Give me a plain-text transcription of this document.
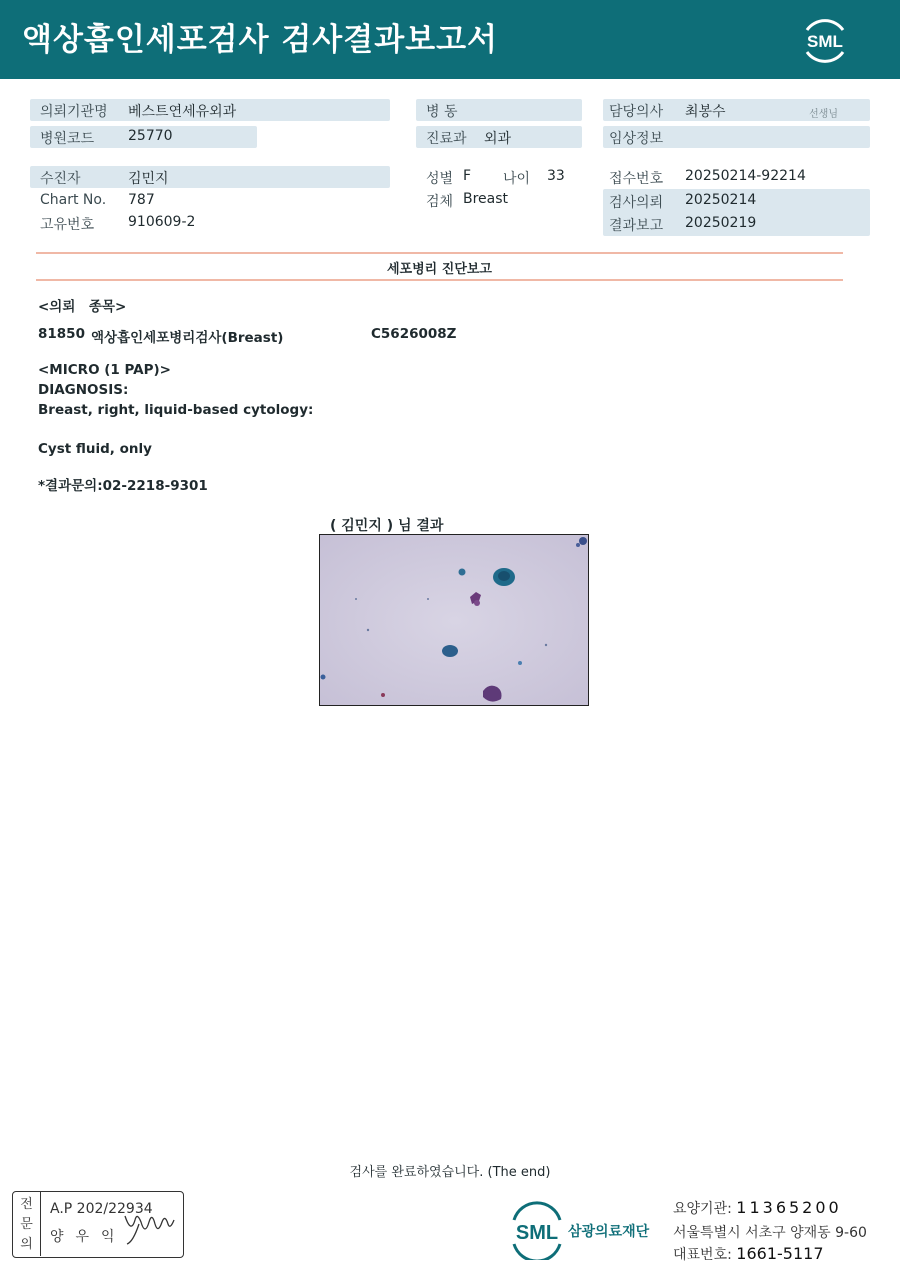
액상흡인세포검사 검사결과보고서	SML
의뢰기관명 베스트연세유외과	병 동	담당의사 최봉수	선생님
병원코드 25770	진료과 외과	임상정보
수진자	김민지
Chart No. 787
고유번호 910609-2
성별 F 나이 33
검체 Breast
접수번호 20250214-92214
검사의뢰 20250214
결과보고 20250219
세포병리 진단보고
<의뢰　종목>
81850 액상흡인세포병리검사(Breast)	C5626008Z
<MICRO (1 PAP)>
DIAGNOSIS:
Breast, right, liquid-based cytology:
Cyst fluid, only
*결과문의:02-2218-9301
( 김민지 ) 님 결과
검사를 완료하였습니다. (The end)
전
문
의
A.P 202/22934
양우익	SML 삼광의료재단
요양기관: 11365200
서울특별시 서초구 양재동 9-60
대표번호: 1661-5117
